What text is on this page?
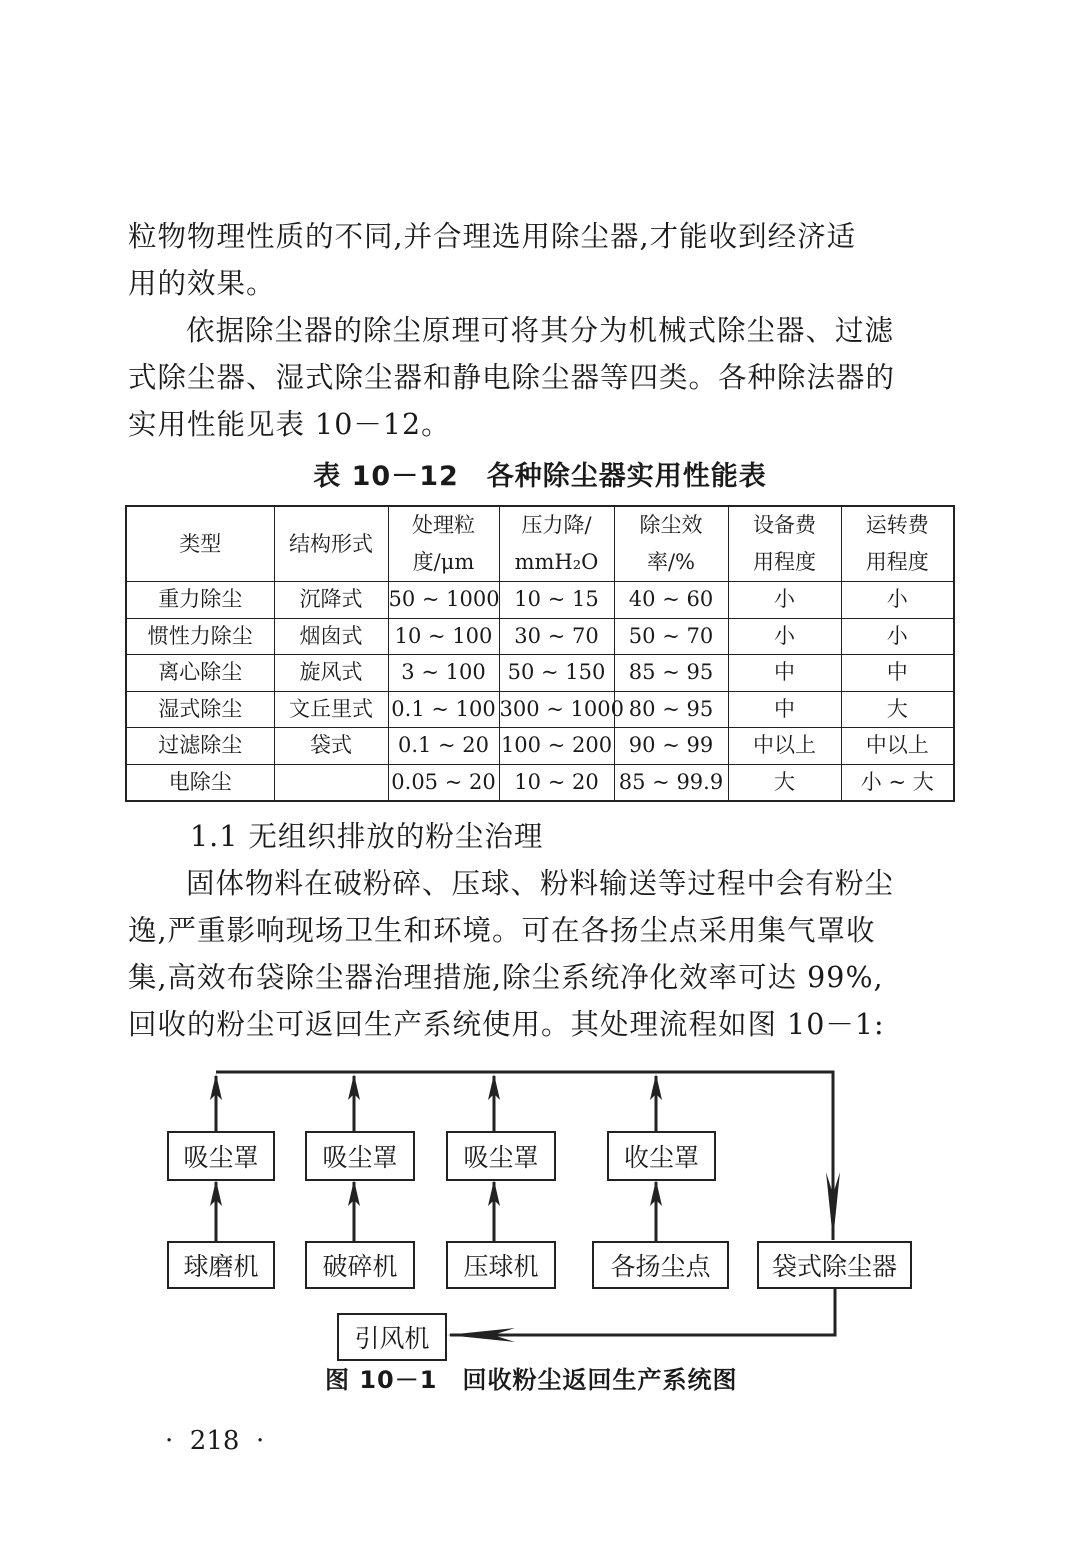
粒物物理性质的不同,并合理选用除尘器,才能收到经济适
用的效果。
依据除尘器的除尘原理可将其分为机械式除尘器、过滤
式除尘器、湿式除尘器和静电除尘器等四类。各种除法器的
实用性能见表 10－12。
表 10－12　各种除尘器实用性能表
类型	结构形式	处理粒	压力降/	除尘效	设备费	运转费
		度/μm	mmH₂O	率/%	用程度	用程度
重力除尘	沉降式	50 ~ 1000	10 ~ 15	40 ~ 60	小	小
惯性力除尘	烟囱式	10 ~ 100	30 ~ 70	50 ~ 70	小	小
离心除尘	旋风式	3 ~ 100	50 ~ 150	85 ~ 95	中	中
湿式除尘	文丘里式	0.1 ~ 100	300 ~ 1000	80 ~ 95	中	大
过滤除尘	袋式	0.1 ~ 20	100 ~ 200	90 ~ 99	中以上	中以上
电除尘		0.05 ~ 20	10 ~ 20	85 ~ 99.9	大	小 ~ 大
1.1 无组织排放的粉尘治理
固体物料在破粉碎、压球、粉料输送等过程中会有粉尘
逸,严重影响现场卫生和环境。可在各扬尘点采用集气罩收
集,高效布袋除尘器治理措施,除尘系统净化效率可达 99%,
回收的粉尘可返回生产系统使用。其处理流程如图 10－1:
吸尘罩	吸尘罩	吸尘罩	收尘罩
球磨机	破碎机	压球机	各扬尘点	袋式除尘器
引风机
图 10－1　回收粉尘返回生产系统图
·  218  ·
